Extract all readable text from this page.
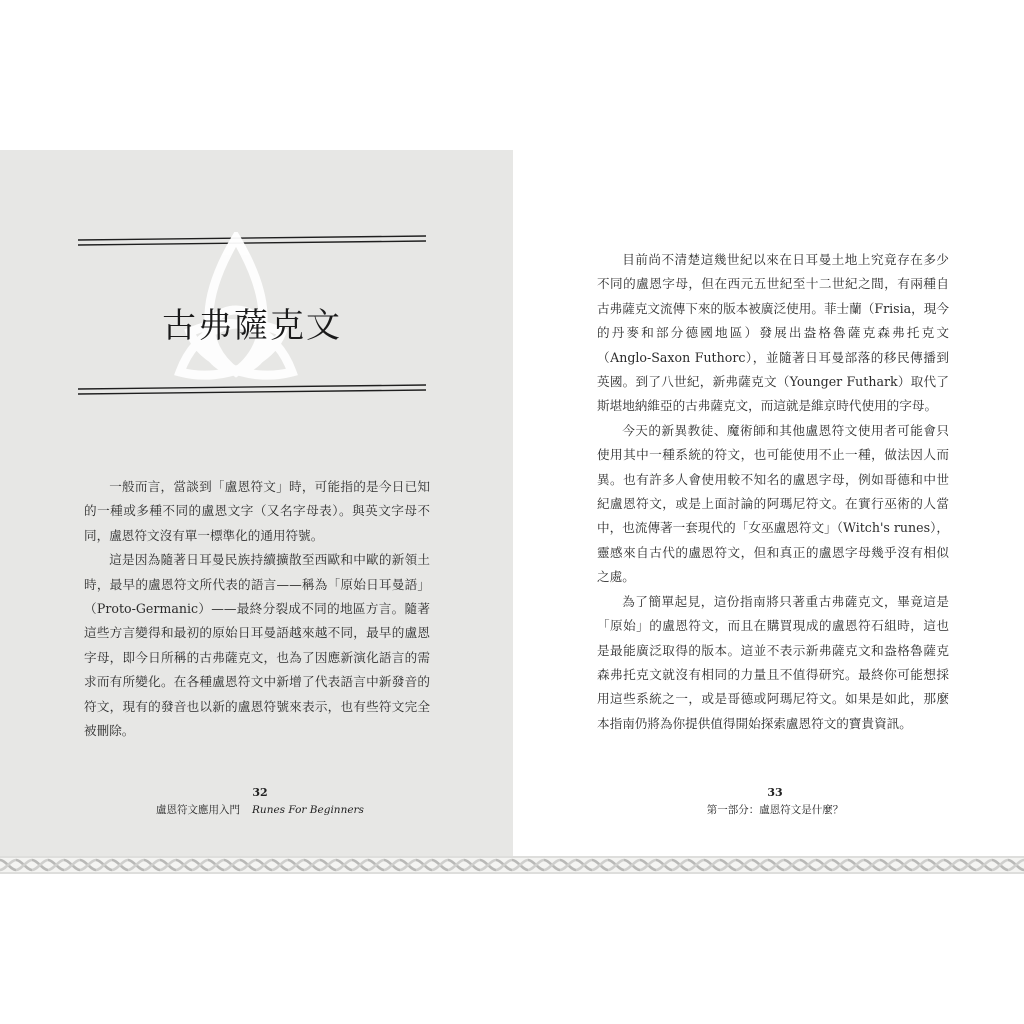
古弗薩克文

一般而言，當談到「盧恩符文」時，可能指的是今日已知的一種或多種不同的盧恩文字（又名字母表）。與英文字母不同，盧恩符文沒有單一標準化的通用符號。

這是因為隨著日耳曼民族持續擴散至西歐和中歐的新領土時，最早的盧恩符文所代表的語言——稱為「原始日耳曼語」（Proto-Germanic）——最終分裂成不同的地區方言。隨著這些方言變得和最初的原始日耳曼語越來越不同，最早的盧恩字母，即今日所稱的古弗薩克文，也為了因應新演化語言的需求而有所變化。在各種盧恩符文中新增了代表語言中新發音的符文，現有的發音也以新的盧恩符號來表示，也有些符文完全被刪除。

32
盧恩符文應用入門 Runes For Beginners

目前尚不清楚這幾世紀以來在日耳曼土地上究竟存在多少不同的盧恩字母，但在西元五世紀至十二世紀之間，有兩種自古弗薩克文流傳下來的版本被廣泛使用。菲士蘭（Frisia，現今的丹麥和部分德國地區）發展出盎格魯薩克森弗托克文（Anglo-Saxon Futhorc），並隨著日耳曼部落的移民傳播到英國。到了八世紀，新弗薩克文（Younger Futhark）取代了斯堪地納維亞的古弗薩克文，而這就是維京時代使用的字母。

今天的新異教徒、魔術師和其他盧恩符文使用者可能會只使用其中一種系統的符文，也可能使用不止一種，做法因人而異。也有許多人會使用較不知名的盧恩字母，例如哥德和中世紀盧恩符文，或是上面討論的阿瑪尼符文。在實行巫術的人當中，也流傳著一套現代的「女巫盧恩符文」（Witch's runes），靈感來自古代的盧恩符文，但和真正的盧恩字母幾乎沒有相似之處。

為了簡單起見，這份指南將只著重古弗薩克文，畢竟這是「原始」的盧恩符文，而且在購買現成的盧恩符石組時，這也是最能廣泛取得的版本。這並不表示新弗薩克文和盎格魯薩克森弗托克文就沒有相同的力量且不值得研究。最終你可能想採用這些系統之一，或是哥德或阿瑪尼符文。如果是如此，那麼本指南仍將為你提供值得開始探索盧恩符文的寶貴資訊。

33
第一部分：盧恩符文是什麼？
